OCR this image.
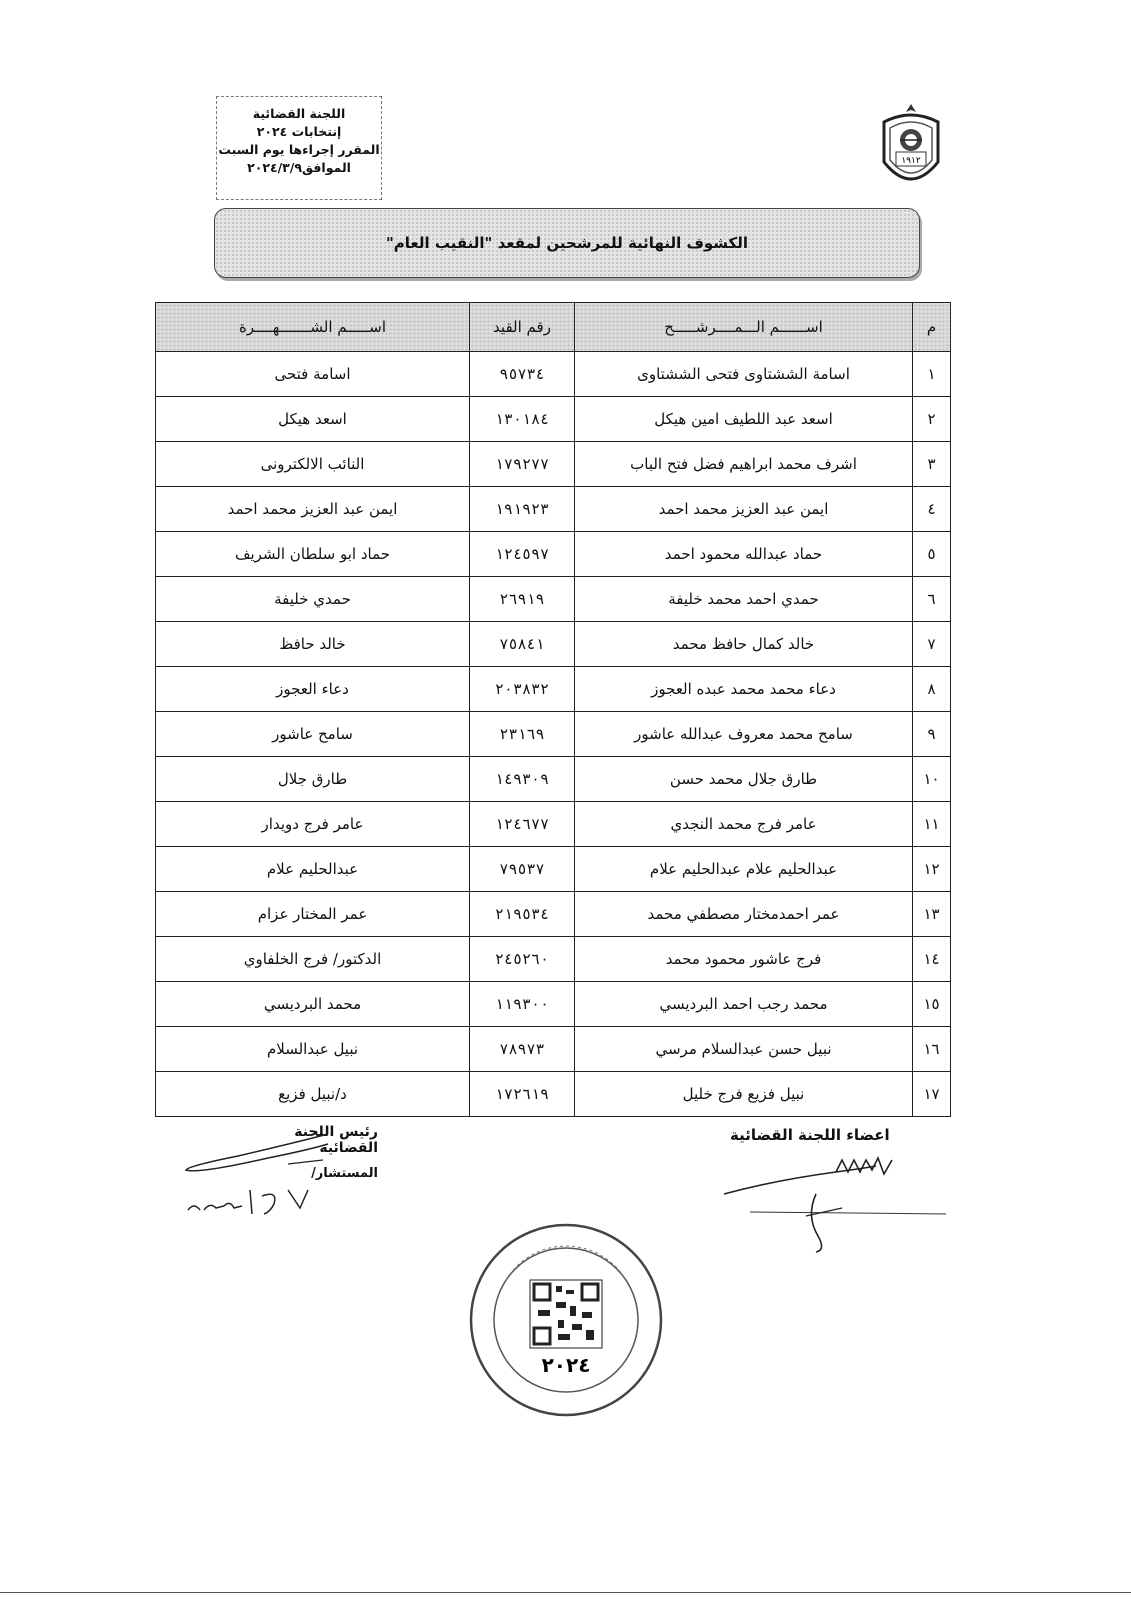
١٩١٢
اللجنة القضائية
إنتخابات ٢٠٢٤
المقرر إجراءها يوم السبت
الموافق٢٠٢٤/٣/٩
الكشوف النهائية للمرشحين لمقعد "النقيب العام"
م	اســــــم الـــمــــرشـــــح	رقم القيد	اســـــم الشـــــــهــــرة
١	اسامة الششتاوى فتحى الششتاوى	٩٥٧٣٤	اسامة فتحى
٢	اسعد عبد اللطيف امين هيكل	١٣٠١٨٤	اسعد هيكل
٣	اشرف محمد ابراهيم فضل فتح الباب	١٧٩٢٧٧	النائب الالكترونى
٤	ايمن عبد العزيز محمد احمد	١٩١٩٢٣	ايمن عبد العزيز محمد احمد
٥	حماد عبدالله محمود احمد	١٢٤٥٩٧	حماد ابو سلطان الشريف
٦	حمدي احمد محمد خليفة	٢٦٩١٩	حمدي خليفة
٧	خالد كمال حافظ محمد	٧٥٨٤١	خالد حافظ
٨	دعاء محمد محمد عبده العجوز	٢٠٣٨٣٢	دعاء العجوز
٩	سامح محمد معروف عبدالله عاشور	٢٣١٦٩	سامح عاشور
١٠	طارق جلال محمد حسن	١٤٩٣٠٩	طارق جلال
١١	عامر فرج محمد النجدي	١٢٤٦٧٧	عامر فرج دويدار
١٢	عبدالحليم علام عبدالحليم علام	٧٩٥٣٧	عبدالحليم علام
١٣	عمر احمدمختار مصطفي محمد	٢١٩٥٣٤	عمر المختار عزام
١٤	فرج عاشور محمود محمد	٢٤٥٢٦٠	الدكتور/ فرج الخلفاوي
١٥	محمد رجب احمد البرديسي	١١٩٣٠٠	محمد البرديسي
١٦	نبيل حسن عبدالسلام مرسي	٧٨٩٧٣	نبيل عبدالسلام
١٧	نبيل فزيع فرج خليل	١٧٢٦١٩	د/نبيل فزيع
اعضاء اللجنة القضائية
رئيس اللجنة القضائية
المستشار/
٢٠٢٤
